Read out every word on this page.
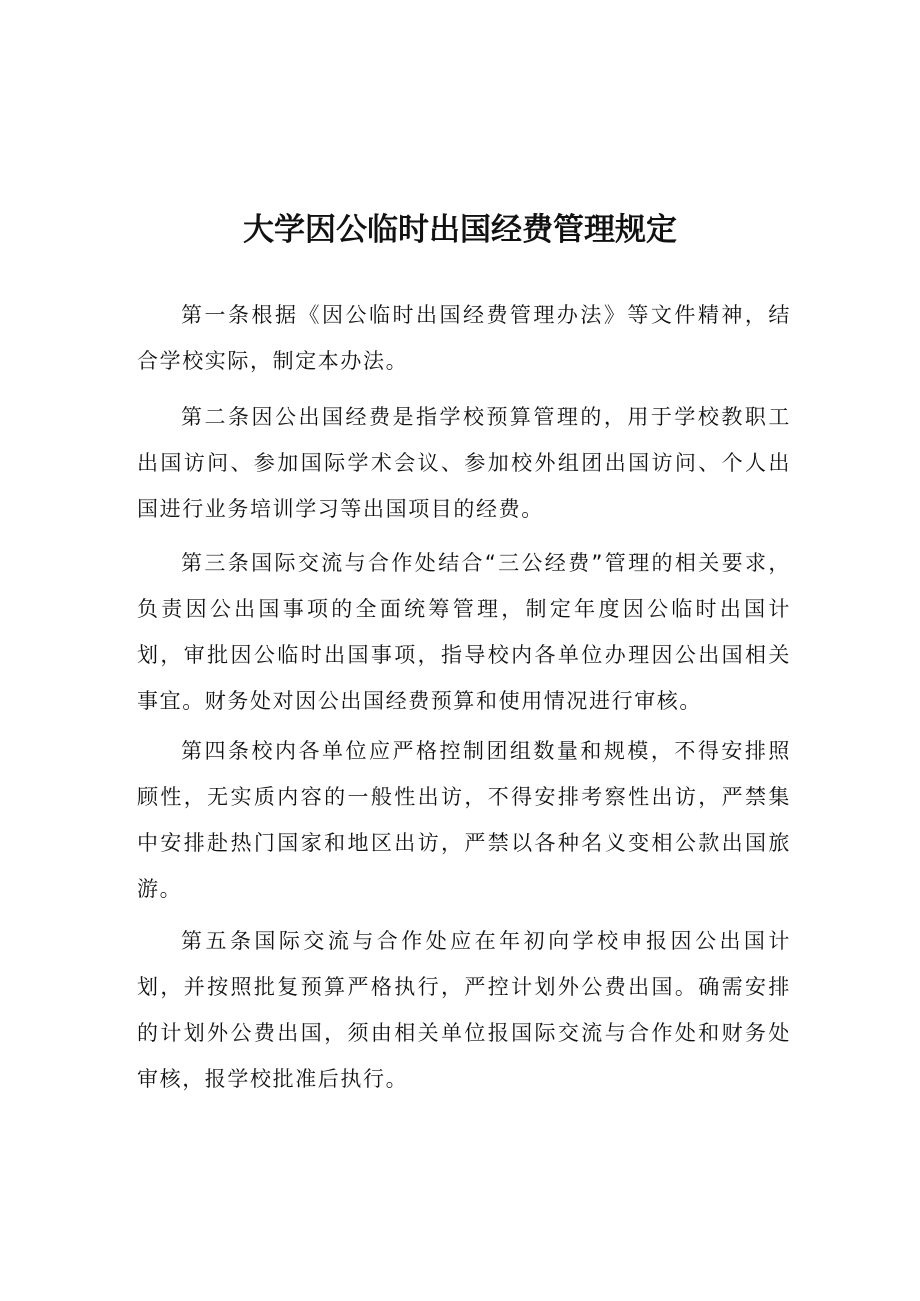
大学因公临时出国经费管理规定

第一条根据《因公临时出国经费管理办法》等文件精神，结合学校实际，制定本办法。

第二条因公出国经费是指学校预算管理的，用于学校教职工出国访问、参加国际学术会议、参加校外组团出国访问、个人出国进行业务培训学习等出国项目的经费。

第三条国际交流与合作处结合“三公经费”管理的相关要求，负责因公出国事项的全面统筹管理，制定年度因公临时出国计划，审批因公临时出国事项，指导校内各单位办理因公出国相关事宜。财务处对因公出国经费预算和使用情况进行审核。

第四条校内各单位应严格控制团组数量和规模，不得安排照顾性，无实质内容的一般性出访，不得安排考察性出访，严禁集中安排赴热门国家和地区出访，严禁以各种名义变相公款出国旅游。

第五条国际交流与合作处应在年初向学校申报因公出国计划，并按照批复预算严格执行，严控计划外公费出国。确需安排的计划外公费出国，须由相关单位报国际交流与合作处和财务处审核，报学校批准后执行。
